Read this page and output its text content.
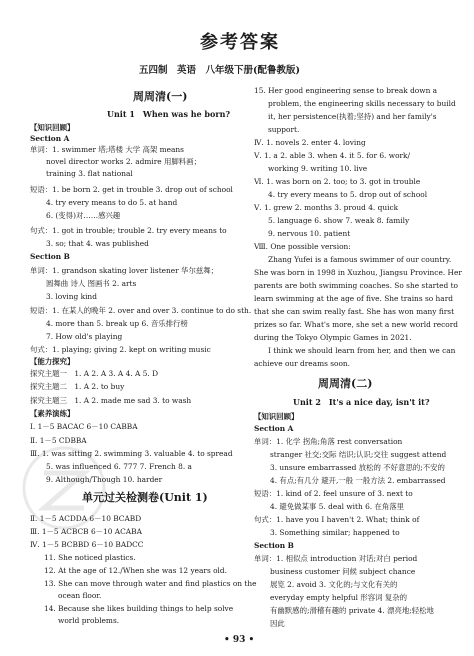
参考答案
五四制　英语　八年级下册(配鲁教版)
周周清(一)
Unit 1　When was he born?
【知识回顾】
Section A
单词：1. swimmer 塔;塔楼 大学 高架 means
novel director works 2. admire 用脚料画；
training 3. flat national
短语：1. be born 2. get in trouble 3. drop out of school
4. try every means to do 5. at hand
6. (变得)对……感兴趣
句式：1. got in trouble; trouble 2. try every means to
3. so; that 4. was published
Section B
单词：1. grandson skating lover listener 华尔兹舞；
圆舞曲 诗人 图画书 2. arts
3. loving kind
短语：1. 在某人的晚年 2. over and over 3. continue to do sth.
4. more than 5. break up 6. 音乐排行榜
7. How old's playing
句式：1. playing; giving 2. kept on writing music
【能力探究】
探究主题一　1. A 2. A 3. A 4. A 5. D
探究主题二　1. A 2. to buy
探究主题三　1. A 2. made me sad 3. to wash
【素养演练】
Ⅰ. 1－5 BACAC 6－10 CABBA
Ⅱ. 1－5 CDBBA
Ⅲ. 1. was sitting 2. swimming 3. valuable 4. to spread
5. was influenced 6. 777 7. French 8. a
9. Although/Though 10. harder
单元过关检测卷(Unit 1)
Ⅱ. 1－5 ACDDA 6－10 BCABD
Ⅲ. 1－5 ACBCB 6－10 ACABA
Ⅳ. 1－5 BCBBD 6－10 BADCC
11. She noticed plastics.
12. At the age of 12./When she was 12 years old.
13. She can move through water and find plastics on the
ocean floor.
14. Because she likes building things to help solve
world problems.
15. Her good engineering sense to break down a
problem, the engineering skills necessary to build
it, her persistence(执着;坚持) and her family's
support.
Ⅳ. 1. novels 2. enter 4. loving
Ⅴ. 1. a 2. able 3. when 4. it 5. for 6. work/
working 9. writing 10. live
Ⅵ. 1. was born on 2. too; to 3. got in trouble
4. try every means to 5. drop out of school
Ⅴ. 1. grew 2. months 3. proud 4. quick
5. language 6. show 7. weak 8. family
9. nervous 10. patient
Ⅷ. One possible version:
Zhang Yufei is a famous swimmer of our country.
She was born in 1998 in Xuzhou, Jiangsu Province. Her
parents are both swimming coaches. So she started to
learn swimming at the age of five. She trains so hard
that she can swim really fast. She has won many first
prizes so far. What's more, she set a new world record
during the Tokyo Olympic Games in 2021.
I think we should learn from her, and then we can
achieve our dreams soon.
周周清(二)
Unit 2　It's a nice day, isn't it?
【知识回顾】
Section A
单词：1. 化学 拐角;角落 rest conversation
stranger 社交;交际 结识;认识;交往 suggest attend
3. unsure embarrassed 放松的 不好意思的;不安的
4. 有点;有几分 避开,一般 一般方法 2. embarrassed
短语：1. kind of 2. feel unsure of 3. next to
4. 避免做某事 5. deal with 6. 在角落里
句式：1. have you I haven't 2. What; think of
3. Something similar; happened to
Section B
单词：1. 相似点 introduction 对话;对白 period
business customer 问候 subject chance
展览 2. avoid 3. 文化的;与文化有关的
everyday empty helpful 形容词 复杂的
有幽默感的;滑稽有趣的 private 4. 漂亮地;轻松地
因此
• 93 •
